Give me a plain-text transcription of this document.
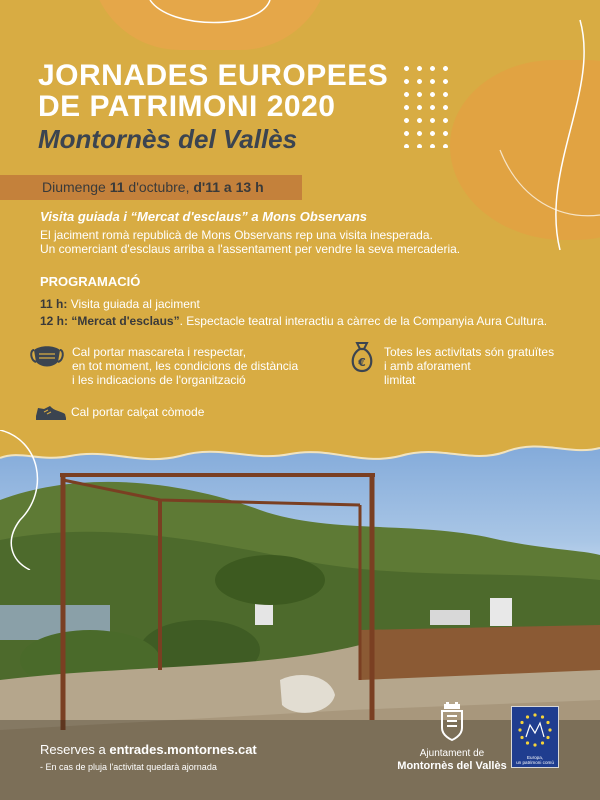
JORNADES EUROPEES
DE PATRIMONI 2020
Montornès del Vallès
Diumenge 11 d'octubre, d'11 a 13 h
Visita guiada i “Mercat d'esclaus” a Mons Observans
El jaciment romà republicà de Mons Observans rep una visita inesperada.
Un comerciant d'esclaus arriba a l'assentament per vendre la seva mercaderia.
PROGRAMACIÓ
11 h: Visita guiada al jaciment
12 h: “Mercat d'esclaus”. Espectacle teatral interactiu a càrrec de la Companyia Aura Cultura.
Cal portar mascareta i respectar,
en tot moment, les condicions de distància
i les indicacions de l'organització
€
Totes les activitats són gratuïtes
i amb aforament
limitat
Cal portar calçat còmode
Reserves a entrades.montornes.cat
- En cas de pluja l'activitat quedarà ajornada
Ajuntament de
Montornès del Vallès
Europa,
un patrimoni comú
